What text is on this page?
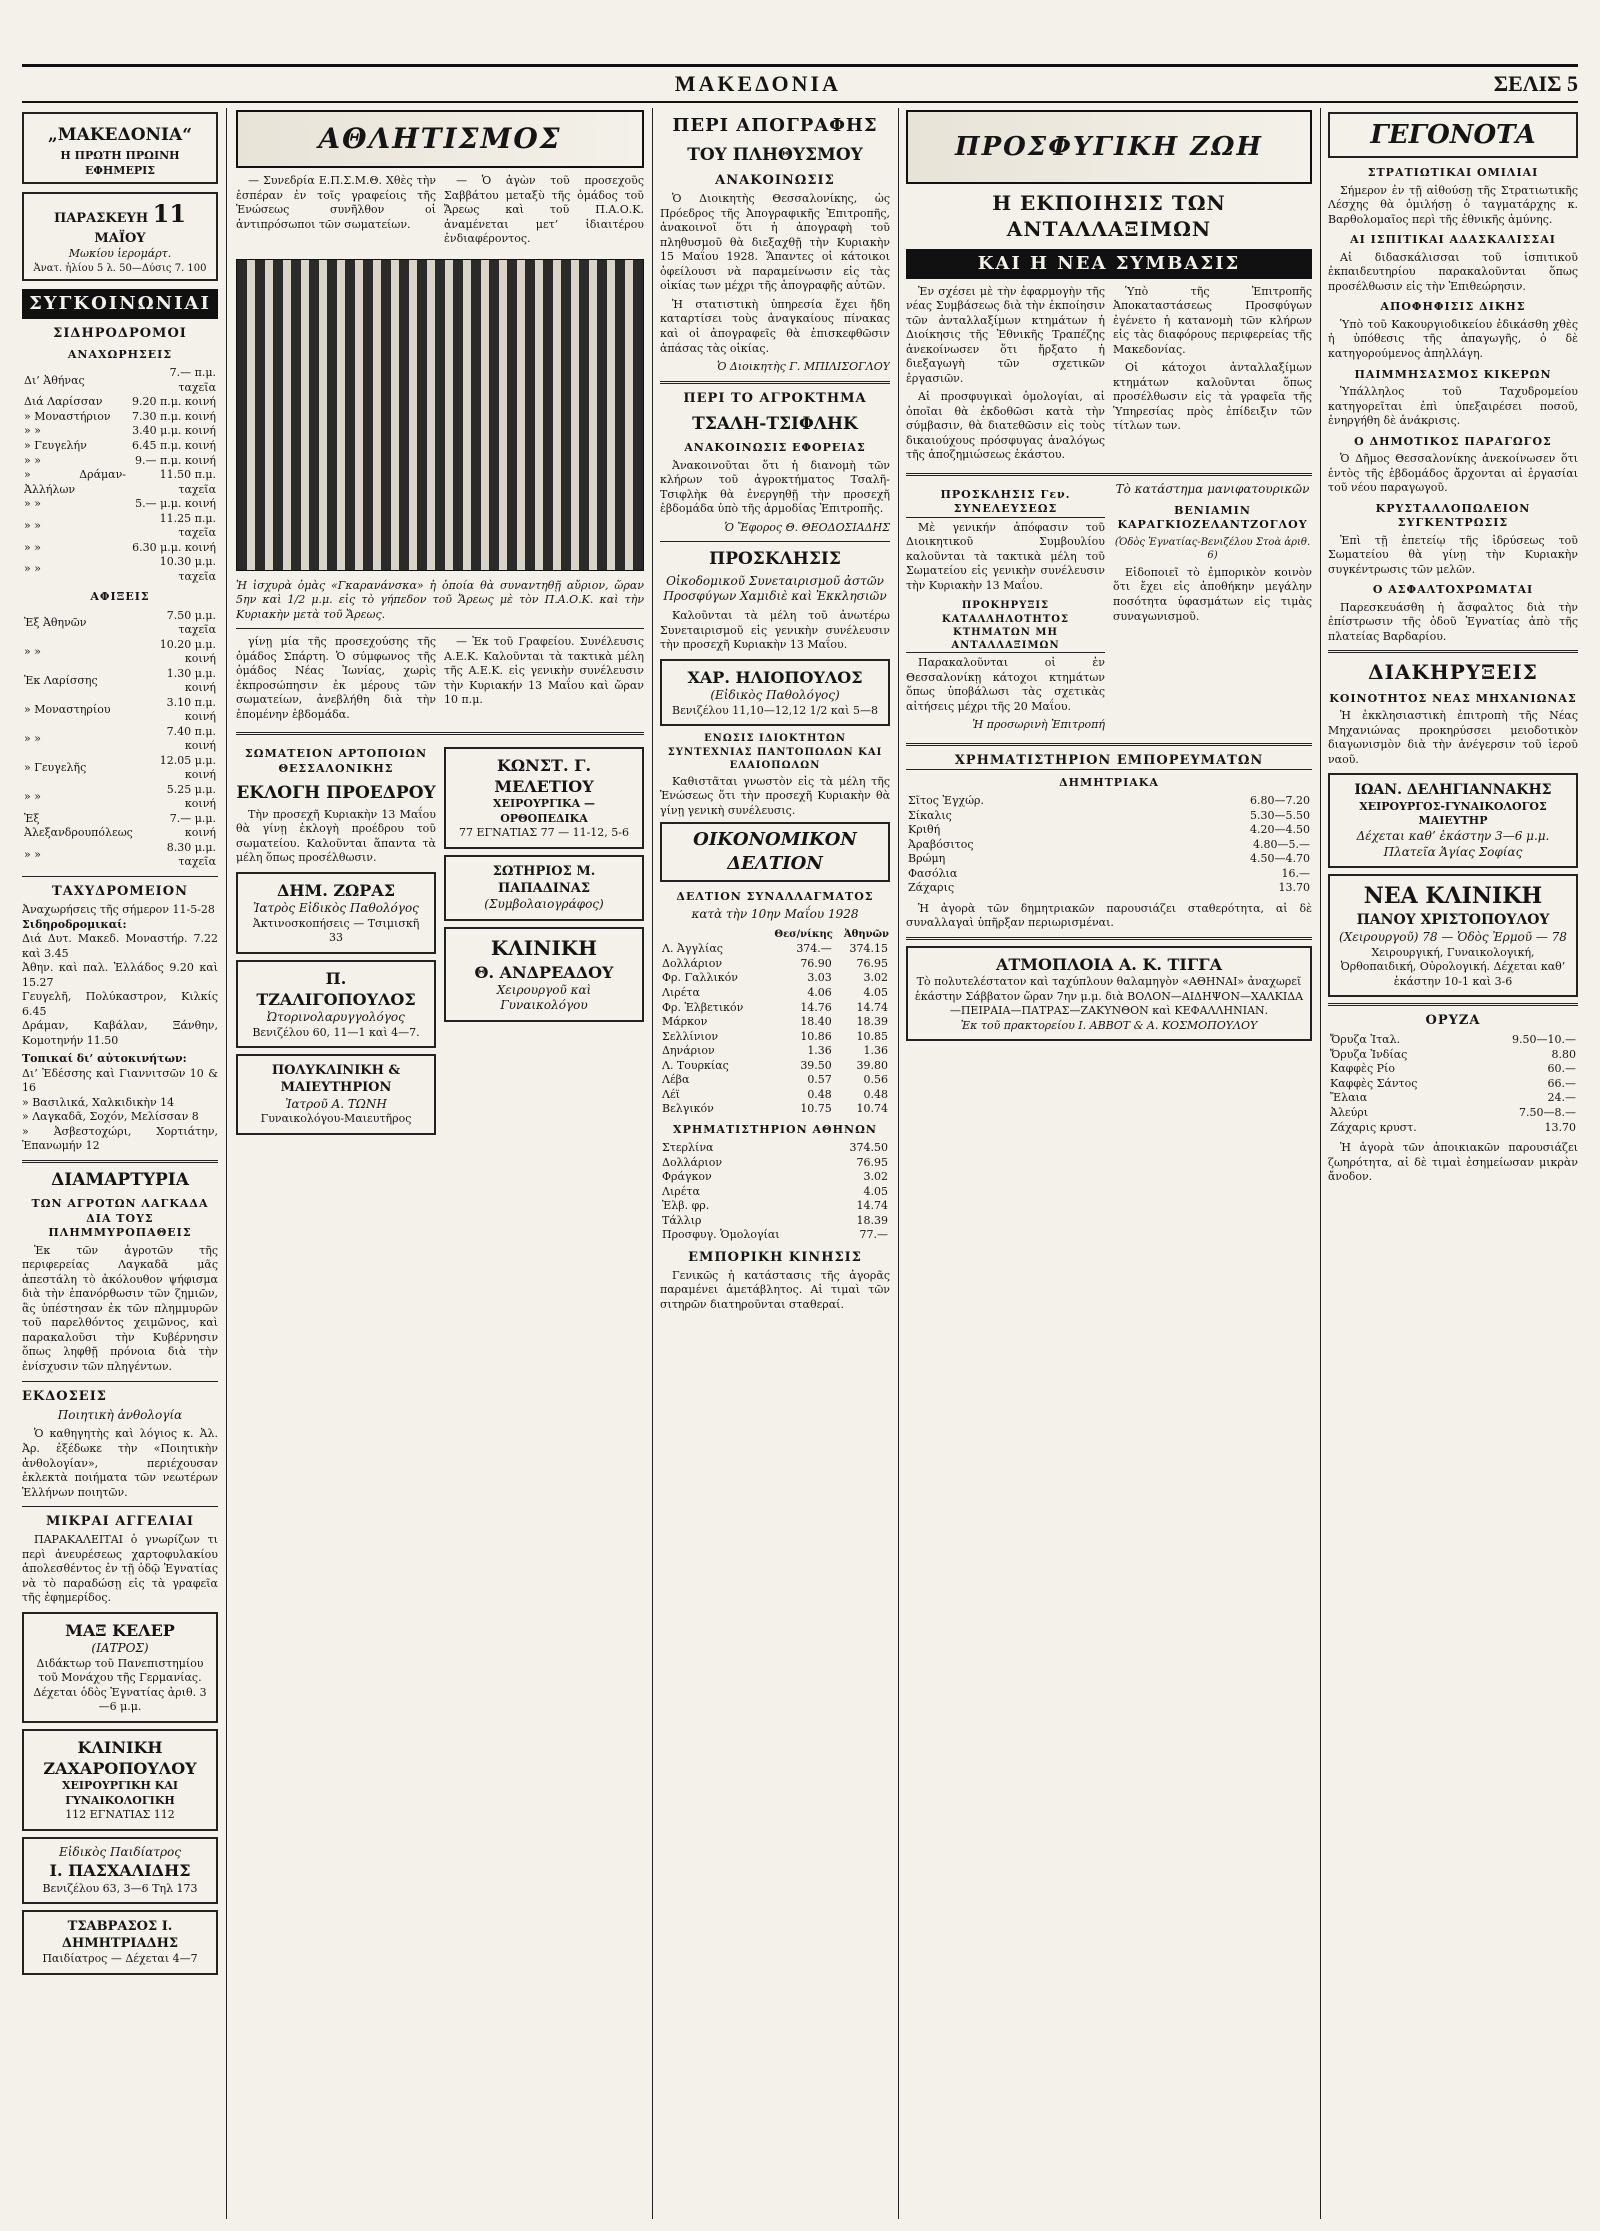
ΜΑΚΕΔΟΝΙΑ	ΣΕΛΙΣ 5
„ΜΑΚΕΔΟΝΙΑ“
Η ΠΡΩΤΗ ΠΡΩΙΝΗ ΕΦΗΜΕΡΙΣ
ΠΑΡΑΣΚΕΥΗ 11 ΜΑΪΟΥ
Μωκίου ἱερομάρτ.
Ἀνατ. ἡλίου 5 λ. 50—Δύσις 7. 100
ΣΥΓΚΟΙΝΩΝΙΑΙ
ΣΙΔΗΡΟΔΡΟΜΟΙ
ΑΝΑΧΩΡΗΣΕΙΣ
Δι’ Ἀθήνας	7.— π.μ. ταχεῖα
Διά Λαρίσσαν	9.20 π.μ. κοινή
» Μοναστήριον	7.30 π.μ. κοινή
» »	3.40 μ.μ. κοινή
» Γευγελήν	6.45 π.μ. κοινή
» »	9.— π.μ. κοινή
» Δράμαν-Ἀλλήλων	11.50 π.μ. ταχεῖα
» »	5.— μ.μ. κοινή
» »	11.25 π.μ. ταχεῖα
» »	6.30 μ.μ. κοινή
» »	10.30 μ.μ. ταχεῖα
ΑΦΙΞΕΙΣ
Ἐξ Ἀθηνῶν	7.50 μ.μ. ταχεῖα
» »	10.20 μ.μ. κοινή
Ἐκ Λαρίσσης	1.30 μ.μ. κοινή
» Μοναστηρίου	3.10 π.μ. κοινή
» »	7.40 π.μ. κοινή
» Γευγελῆς	12.05 μ.μ. κοινή
» »	5.25 μ.μ. κοινή
Ἐξ Ἀλεξανδρουπόλεως	7.— μ.μ. κοινή
» »	8.30 μ.μ. ταχεῖα
ΤΑΧΥΔΡΟΜΕΙΟΝ
Ἀναχωρήσεις τῆς σήμερον 11-5-28
Σιδηροδρομικαί:
Διά Δυτ. Μακεδ. Μοναστήρ. 7.22 καὶ 3.45
Ἀθην. καὶ παλ. Ἑλλάδος 9.20 καὶ 15.27
Γευγελῆ, Πολύκαστρον, Κιλκίς 6.45
Δράμαν, Καβάλαν, Ξάνθην, Κομοτηνήν 11.50
Τοπικαί δι’ αὐτοκινήτων:
Δι’ Ἐδέσσης καὶ Γιαννιτσῶν 10 & 16
» Βασιλικά, Χαλκιδικὴν 14
» Λαγκαδᾶ, Σοχόν, Μελίσσαν 8
» Ἀσβεστοχώρι, Χορτιάτην, Ἐπανωμήν 12
ΔΙΑΜΑΡΤΥΡΙΑ
ΤΩΝ ΑΓΡΟΤΩΝ ΛΑΓΚΑΔΑ ΔΙΑ ΤΟΥΣ ΠΛΗΜΜΥΡΟΠΑΘΕΙΣ

Ἐκ τῶν ἀγροτῶν τῆς περιφερείας Λαγκαδᾶ μᾶς ἀπεστάλη τὸ ἀκόλουθον ψήφισμα διὰ τὴν ἐπανόρθωσιν τῶν ζημιῶν, ἃς ὑπέστησαν ἐκ τῶν πλημμυρῶν τοῦ παρελθόντος χειμῶνος, καὶ παρακαλοῦσι τὴν Κυβέρνησιν ὅπως ληφθῇ πρόνοια διὰ τὴν ἐνίσχυσιν τῶν πληγέντων.

ΕΚΔΟΣΕΙΣ
Ποιητικὴ ἀνθολογία

Ὁ καθηγητὴς καὶ λόγιος κ. Ἀλ. Ἀρ. ἐξέδωκε τὴν «Ποιητικὴν ἀνθολογίαν», περιέχουσαν ἐκλεκτὰ ποιήματα τῶν νεωτέρων Ἑλλήνων ποιητῶν.

ΜΙΚΡΑΙ ΑΓΓΕΛΙΑΙ

ΠΑΡΑΚΑΛΕΙΤΑΙ ὁ γνωρίζων τι περὶ ἀνευρέσεως χαρτοφυλακίου ἀπολεσθέντος ἐν τῇ ὁδῷ Ἐγνατίας νὰ τὸ παραδώσῃ εἰς τὰ γραφεῖα τῆς ἐφημερίδος.

ΜΑΞ ΚΕΛΕΡ
(ΙΑΤΡΟΣ)
Διδάκτωρ τοῦ Πανεπιστημίου τοῦ Μονάχου τῆς Γερμανίας. Δέχεται ὁδὸς Ἐγνατίας ἀριθ. 3—6 μ.μ.
ΚΛΙΝΙΚΗ ΖΑΧΑΡΟΠΟΥΛΟΥ
ΧΕΙΡΟΥΡΓΙΚΗ ΚΑΙ ΓΥΝΑΙΚΟΛΟΓΙΚΗ
112 ΕΓΝΑΤΙΑΣ 112
Εἰδικὸς Παιδίατρος
Ι. ΠΑΣΧΑΛΙΔΗΣ
Βενιζέλου 63, 3—6 Τηλ 173
ΤΣΑΒΡΑΣΟΣ Ι. ΔΗΜΗΤΡΙΑΔΗΣ
Παιδίατρος — Δέχεται 4—7
ΑΘΛΗΤΙΣΜΟΣ

— Συνεδρία Ε.Π.Σ.Μ.Θ. Χθὲς τὴν ἑσπέραν ἐν τοῖς γραφείοις τῆς Ἑνώσεως συνῆλθον οἱ ἀντιπρόσωποι τῶν σωματείων.

— Ὁ ἀγὼν τοῦ προσεχοῦς Σαββάτου μεταξὺ τῆς ὁμάδος τοῦ Ἄρεως καὶ τοῦ Π.Α.Ο.Κ. ἀναμένεται μετ’ ἰδιαιτέρου ἐνδιαφέροντος.

Ἡ ἰσχυρὰ ὁμὰς «Γκαρανάνσκα» ἡ ὁποία θὰ συναντηθῇ αὔριον, ὥραν 5ην καὶ 1/2 μ.μ. εἰς τὸ γήπεδον τοῦ Ἄρεως μὲ τὸν Π.Α.Ο.Κ. καὶ τὴν Κυριακὴν μετὰ τοῦ Ἄρεως.

γίνῃ μία τῆς προσεχούσης τῆς ὁμάδος Σπάρτη. Ὁ σύμφωνος τῆς ὁμάδος Νέας Ἰωνίας, χωρὶς ἐκπροσώπησιν ἐκ μέρους τῶν σωματείων, ἀνεβλήθη διὰ τὴν ἑπομένην ἑβδομάδα.

— Ἐκ τοῦ Γραφείου. Συνέλευσις Α.Ε.Κ. Καλοῦνται τὰ τακτικὰ μέλη τῆς Α.Ε.Κ. εἰς γενικὴν συνέλευσιν τὴν Κυριακήν 13 Μαΐου καὶ ὥραν 10 π.μ.

ΣΩΜΑΤΕΙΟΝ ΑΡΤΟΠΟΙΩΝ ΘΕΣΣΑΛΟΝΙΚΗΣ
ΕΚΛΟΓΗ ΠΡΟΕΔΡΟΥ

Τὴν προσεχῆ Κυριακὴν 13 Μαΐου θὰ γίνῃ ἐκλογὴ προέδρου τοῦ σωματείου. Καλοῦνται ἅπαντα τὰ μέλη ὅπως προσέλθωσιν.

ΔΗΜ. ΖΩΡΑΣ
Ἰατρὸς Εἰδικὸς Παθολόγος
Ἀκτινοσκοπήσεις — Τσιμισκῆ 33
Π. ΤΖΑΛΙΓΟΠΟΥΛΟΣ
Ὠτορινολαρυγγολόγος
Βενιζέλου 60, 11—1 καὶ 4—7.
ΠΟΛΥΚΛΙΝΙΚΗ & ΜΑΙΕΥΤΗΡΙΟΝ
Ἰατροῦ Α. ΤΩΝΗ
Γυναικολόγου-Μαιευτῆρος
ΚΩΝΣΤ. Γ. ΜΕΛΕΤΙΟΥ
ΧΕΙΡΟΥΡΓΙΚΑ — ΟΡΘΟΠΕΔΙΚΑ
77 ΕΓΝΑΤΙΑΣ 77 — 11-12, 5-6
ΣΩΤΗΡΙΟΣ Μ. ΠΑΠΑΔΙΝΑΣ
(Συμβολαιογράφος)
ΚΛΙΝΙΚΗ
Θ. ΑΝΔΡΕΑΔΟΥ
Χειρουργοῦ καὶ Γυναικολόγου
ΠΕΡΙ ΑΠΟΓΡΑΦΗΣ
ΤΟΥ ΠΛΗΘΥΣΜΟΥ
ΑΝΑΚΟΙΝΩΣΙΣ

Ὁ Διοικητὴς Θεσσαλονίκης, ὡς Πρόεδρος τῆς Ἀπογραφικῆς Ἐπιτροπῆς, ἀνακοινοῖ ὅτι ἡ ἀπογραφὴ τοῦ πληθυσμοῦ θὰ διεξαχθῇ τὴν Κυριακὴν 15 Μαΐου 1928. Ἅπαντες οἱ κάτοικοι ὀφείλουσι νὰ παραμείνωσιν εἰς τὰς οἰκίας των μέχρι τῆς ἀπογραφῆς αὐτῶν.

Ἡ στατιστικὴ ὑπηρεσία ἔχει ἤδη καταρτίσει τοὺς ἀναγκαίους πίνακας καὶ οἱ ἀπογραφεῖς θὰ ἐπισκεφθῶσιν ἁπάσας τὰς οἰκίας.

Ὁ Διοικητὴς Γ. ΜΠΙΛΙΣΟΓΛΟΥ

ΠΕΡΙ ΤΟ ΑΓΡΟΚΤΗΜΑ
ΤΣΑΛΗ-ΤΣΙΦΛΗΚ
ΑΝΑΚΟΙΝΩΣΙΣ ΕΦΟΡΕΙΑΣ

Ἀνακοινοῦται ὅτι ἡ διανομὴ τῶν κλήρων τοῦ ἀγροκτήματος Τσαλῆ-Τσιφλὴκ θὰ ἐνεργηθῇ τὴν προσεχῆ ἑβδομάδα ὑπὸ τῆς ἁρμοδίας Ἐπιτροπῆς.

Ὁ Ἔφορος Θ. ΘΕΟΔΟΣΙΑΔΗΣ

ΠΡΟΣΚΛΗΣΙΣ
Οἰκοδομικοῦ Συνεταιρισμοῦ ἀστῶν Προσφύγων Χαμιδιὲ καὶ Ἐκκλησιῶν

Καλοῦνται τὰ μέλη τοῦ ἀνωτέρω Συνεταιρισμοῦ εἰς γενικὴν συνέλευσιν τὴν προσεχῆ Κυριακὴν 13 Μαΐου.

ΧΑΡ. ΗΛΙΟΠΟΥΛΟΣ
(Εἰδικὸς Παθολόγος)
Βενιζέλου 11,10—12,12 1/2 καὶ 5—8
ΕΝΩΣΙΣ ΙΔΙΟΚΤΗΤΩΝ ΣΥΝΤΕΧΝΙΑΣ ΠΑΝΤΟΠΩΛΩΝ ΚΑΙ ΕΛΑΙΟΠΩΛΩΝ

Καθιστᾶται γνωστὸν εἰς τὰ μέλη τῆς Ἑνώσεως ὅτι τὴν προσεχῆ Κυριακὴν θὰ γίνῃ γενικὴ συνέλευσις.

ΟΙΚΟΝΟΜΙΚΟΝ ΔΕΛΤΙΟΝ
ΔΕΛΤΙΟΝ ΣΥΝΑΛΛΑΓΜΑΤΟΣ
κατὰ τὴν 10ην Μαΐου 1928
	Θεσ/νίκης	Ἀθηνῶν
Λ. Ἀγγλίας	374.—	374.15
Δολλάριον	76.90	76.95
Φρ. Γαλλικόν	3.03	3.02
Λιρέτα	4.06	4.05
Φρ. Ἑλβετικόν	14.76	14.74
Μάρκον	18.40	18.39
Σελλίνιον	10.86	10.85
Δηνάριον	1.36	1.36
Λ. Τουρκίας	39.50	39.80
Λέβα	0.57	0.56
Λέϊ	0.48	0.48
Βελγικόν	10.75	10.74
ΧΡΗΜΑΤΙΣΤΗΡΙΟΝ ΑΘΗΝΩΝ
Στερλίνα	374.50
Δολλάριον	76.95
Φράγκον	3.02
Λιρέτα	4.05
Ἑλβ. φρ.	14.74
Τάλλιρ	18.39
Προσφυγ. Ὁμολογίαι	77.—
ΕΜΠΟΡΙΚΗ ΚΙΝΗΣΙΣ

Γενικῶς ἡ κατάστασις τῆς ἀγορᾶς παραμένει ἀμετάβλητος. Αἱ τιμαὶ τῶν σιτηρῶν διατηροῦνται σταθεραί.

ΠΡΟΣΦΥΓΙΚΗ ΖΩΗ
Η ΕΚΠΟΙΗΣΙΣ ΤΩΝ ΑΝΤΑΛΛΑΞΙΜΩΝ
ΚΑΙ Η ΝΕΑ ΣΥΜΒΑΣΙΣ

Ἐν σχέσει μὲ τὴν ἐφαρμογὴν τῆς νέας Συμβάσεως διὰ τὴν ἐκποίησιν τῶν ἀνταλλαξίμων κτημάτων ἡ Διοίκησις τῆς Ἐθνικῆς Τραπέζης ἀνεκοίνωσεν ὅτι ἤρξατο ἡ διεξαγωγὴ τῶν σχετικῶν ἐργασιῶν.

Αἱ προσφυγικαὶ ὁμολογίαι, αἱ ὁποῖαι θὰ ἐκδοθῶσι κατὰ τὴν σύμβασιν, θὰ διατεθῶσιν εἰς τοὺς δικαιούχους πρόσφυγας ἀναλόγως τῆς ἀποζημιώσεως ἑκάστου.

Ὑπὸ τῆς Ἐπιτροπῆς Ἀποκαταστάσεως Προσφύγων ἐγένετο ἡ κατανομὴ τῶν κλήρων εἰς τὰς διαφόρους περιφερείας τῆς Μακεδονίας.

Οἱ κάτοχοι ἀνταλλαξίμων κτημάτων καλοῦνται ὅπως προσέλθωσιν εἰς τὰ γραφεῖα τῆς Ὑπηρεσίας πρὸς ἐπίδειξιν τῶν τίτλων των.

ΠΡΟΣΚΛΗΣΙΣ Γεν. ΣΥΝΕΛΕΥΣΕΩΣ

Μὲ γενικήν ἀπόφασιν τοῦ Διοικητικοῦ Συμβουλίου καλοῦνται τὰ τακτικὰ μέλη τοῦ Σωματείου εἰς γενικὴν συνέλευσιν τὴν Κυριακὴν 13 Μαΐου.

ΠΡΟΚΗΡΥΞΙΣ ΚΑΤΑΛΛΗΛΟΤΗΤΟΣ ΚΤΗΜΑΤΩΝ ΜΗ ΑΝΤΑΛΛΑΞΙΜΩΝ

Παρακαλοῦνται οἱ ἐν Θεσσαλονίκῃ κάτοχοι κτημάτων ὅπως ὑποβάλωσι τὰς σχετικὰς αἰτήσεις μέχρι τῆς 20 Μαΐου.

Ἡ προσωρινὴ Ἐπιτροπή

Τὸ κατάστημα μανιφατουρικῶν
ΒΕΝΙΑΜΙΝ ΚΑΡΑΓΚΙΟΖΕΛΑΝΤΖΟΓΛΟΥ
(Ὁδὸς Ἐγνατίας-Βενιζέλου Στοὰ ἀριθ. 6)

Εἰδοποιεῖ τὸ ἐμπορικὸν κοινὸν ὅτι ἔχει εἰς ἀποθήκην μεγάλην ποσότητα ὑφασμάτων εἰς τιμὰς συναγωνισμοῦ.

ΧΡΗΜΑΤΙΣΤΗΡΙΟΝ ΕΜΠΟΡΕΥΜΑΤΩΝ
ΔΗΜΗΤΡΙΑΚΑ
Σῖτος Ἐγχώρ.	6.80—7.20
Σίκαλις	5.30—5.50
Κριθή	4.20—4.50
Ἀραβόσιτος	4.80—5.—
Βρώμη	4.50—4.70
Φασόλια	16.—
Ζάχαρις	13.70

Ἡ ἀγορὰ τῶν δημητριακῶν παρουσιάζει σταθερότητα, αἱ δὲ συναλλαγαὶ ὑπῆρξαν περιωρισμέναι.

ΑΤΜΟΠΛΟΙΑ Α. Κ. ΤΙΓΓΑ
Τὸ πολυτελέστατον καὶ ταχύπλουν θαλαμηγὸν «ΑΘΗΝΑΙ» ἀναχωρεῖ ἑκάστην Σάββατον ὥραν 7ην μ.μ. διὰ ΒΟΛΟΝ—ΑΙΔΗΨΟΝ—ΧΑΛΚΙΔΑ—ΠΕΙΡΑΙΑ—ΠΑΤΡΑΣ—ΖΑΚΥΝΘΟΝ καὶ ΚΕΦΑΛΛΗΝΙΑΝ.
Ἐκ τοῦ πρακτορείου Ι. ΑΒΒΟΤ & Α. ΚΟΣΜΟΠΟΥΛΟΥ
ΓΕΓΟΝΟΤΑ
ΣΤΡΑΤΙΩΤΙΚΑΙ ΟΜΙΛΙΑΙ

Σήμερον ἐν τῇ αἰθούσῃ τῆς Στρατιωτικῆς Λέσχης θὰ ὁμιλήσῃ ὁ ταγματάρχης κ. Βαρθολομαῖος περὶ τῆς ἐθνικῆς ἀμύνης.

ΑΙ ΙΣΠΙΤΙΚΑΙ ΑΔΑΣΚΑΛΙΣΣΑΙ

Αἱ διδασκάλισσαι τοῦ ἰσπιτικοῦ ἐκπαιδευτηρίου παρακαλοῦνται ὅπως προσέλθωσιν εἰς τὴν Ἐπιθεώρησιν.

ΑΠΟΦΗΦΙΣΙΣ ΔΙΚΗΣ

Ὑπὸ τοῦ Κακουργιοδικείου ἐδικάσθη χθὲς ἡ ὑπόθεσις τῆς ἀπαγωγῆς, ὁ δὲ κατηγορούμενος ἀπηλλάγη.

ΠΑΙΜΜΗΣΑΣΜΟΣ ΚΙΚΕΡΩΝ

Ὑπάλληλος τοῦ Ταχυδρομείου κατηγορεῖται ἐπὶ ὑπεξαιρέσει ποσοῦ, ἐνηργήθη δὲ ἀνάκρισις.

Ο ΔΗΜΟΤΙΚΟΣ ΠΑΡΑΓΩΓΟΣ

Ὁ Δῆμος Θεσσαλονίκης ἀνεκοίνωσεν ὅτι ἐντὸς τῆς ἑβδομάδος ἄρχονται αἱ ἐργασίαι τοῦ νέου παραγωγοῦ.

ΚΡΥΣΤΑΛΛΟΠΩΛΕΙΟΝ ΣΥΓΚΕΝΤΡΩΣΙΣ

Ἐπὶ τῇ ἐπετείῳ τῆς ἱδρύσεως τοῦ Σωματείου θὰ γίνῃ τὴν Κυριακὴν συγκέντρωσις τῶν μελῶν.

Ο ΑΣΦΑΛΤΟΧΡΩΜΑΤΑΙ

Παρεσκευάσθη ἡ ἄσφαλτος διὰ τὴν ἐπίστρωσιν τῆς ὁδοῦ Ἐγνατίας ἀπὸ τῆς πλατείας Βαρδαρίου.

ΔΙΑΚΗΡΥΞΕΙΣ
ΚΟΙΝΟΤΗΤΟΣ ΝΕΑΣ ΜΗΧΑΝΙΩΝΑΣ

Ἡ ἐκκλησιαστικὴ ἐπιτροπὴ τῆς Νέας Μηχανιώνας προκηρύσσει μειοδοτικὸν διαγωνισμὸν διὰ τὴν ἀνέγερσιν τοῦ ἱεροῦ ναοῦ.

ΙΩΑΝ. ΔΕΛΗΓΙΑΝΝΑΚΗΣ
ΧΕΙΡΟΥΡΓΟΣ-ΓΥΝΑΙΚΟΛΟΓΟΣ ΜΑΙΕΥΤΗΡ
Δέχεται καθ’ ἑκάστην 3—6 μ.μ. Πλατεῖα Ἁγίας Σοφίας
ΝΕΑ ΚΛΙΝΙΚΗ
ΠΑΝΟΥ ΧΡΙΣΤΟΠΟΥΛΟΥ
(Χειρουργοῦ) 78 — Ὁδὸς Ἐρμοῦ — 78
Χειρουργική, Γυναικολογική, Ὀρθοπαιδική, Οὐρολογική. Δέχεται καθ’ ἑκάστην 10-1 καὶ 3-6
ΟΡΥΖΑ
Ὄρυζα Ἰταλ.	9.50—10.—
Ὄρυζα Ἰνδίας	8.80
Καφφὲς Ρίο	60.—
Καφφὲς Σάντος	66.—
Ἔλαια	24.—
Ἀλεύρι	7.50—8.—
Ζάχαρις κρυστ.	13.70

Ἡ ἀγορὰ τῶν ἀποικιακῶν παρουσιάζει ζωηρότητα, αἱ δὲ τιμαὶ ἐσημείωσαν μικρὰν ἄνοδον.
